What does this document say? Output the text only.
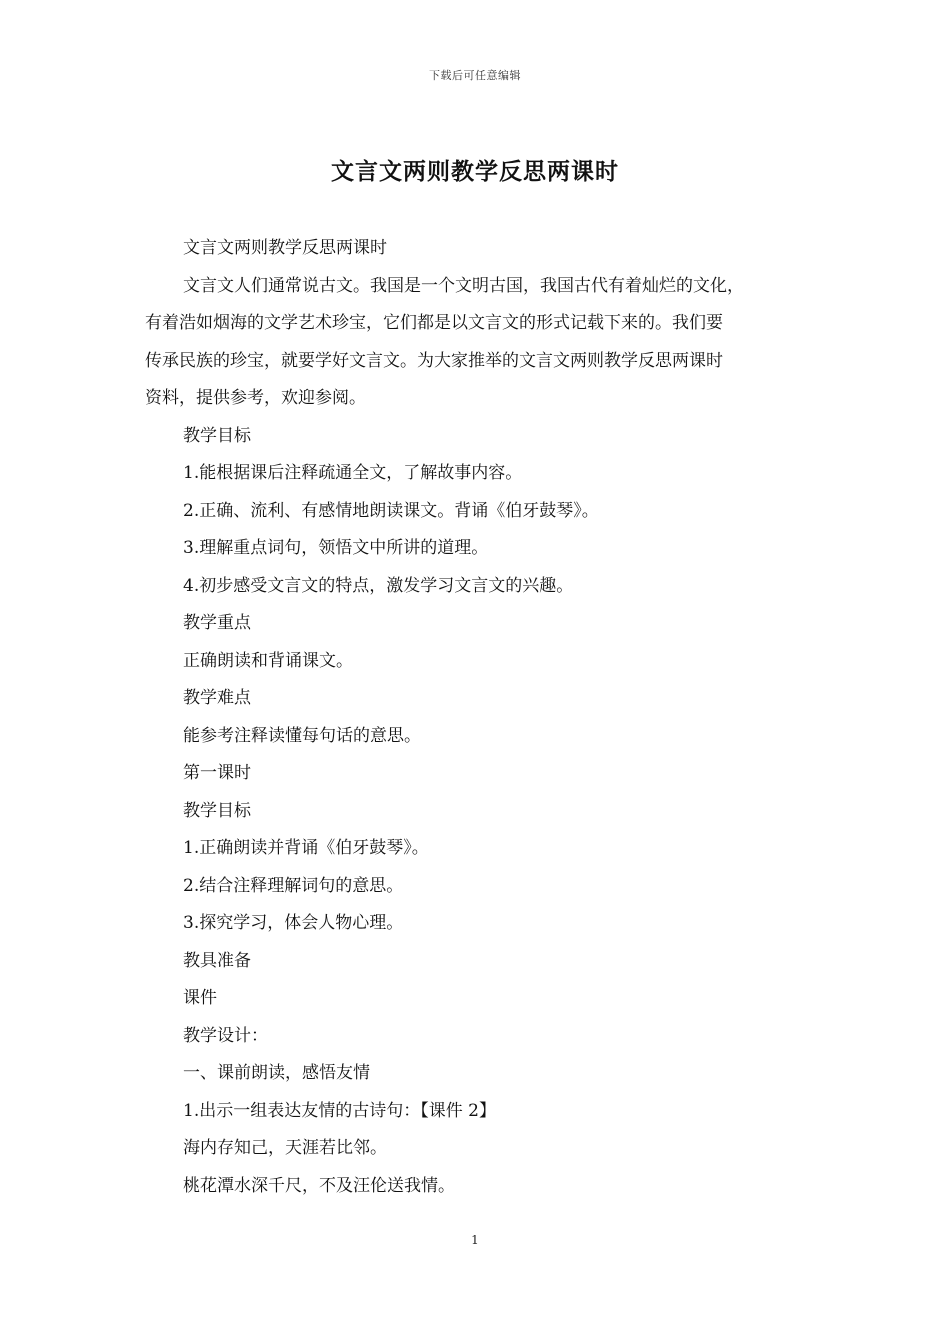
下载后可任意编辑
文言文两则教学反思两课时
文言文两则教学反思两课时
文言文人们通常说古文。我国是一个文明古国，我国古代有着灿烂的文化，
有着浩如烟海的文学艺术珍宝，它们都是以文言文的形式记载下来的。我们要
传承民族的珍宝，就要学好文言文。为大家推举的文言文两则教学反思两课时
资料，提供参考，欢迎参阅。
教学目标
1.能根据课后注释疏通全文，了解故事内容。
2.正确、流利、有感情地朗读课文。背诵《伯牙鼓琴》。
3.理解重点词句，领悟文中所讲的道理。
4.初步感受文言文的特点，激发学习文言文的兴趣。
教学重点
正确朗读和背诵课文。
教学难点
能参考注释读懂每句话的意思。
第一课时
教学目标
1.正确朗读并背诵《伯牙鼓琴》。
2.结合注释理解词句的意思。
3.探究学习，体会人物心理。
教具准备
课件
教学设计：
一、课前朗读，感悟友情
1.出示一组表达友情的古诗句：【课件 2】
海内存知己，天涯若比邻。
桃花潭水深千尺，不及汪伦送我情。
1
